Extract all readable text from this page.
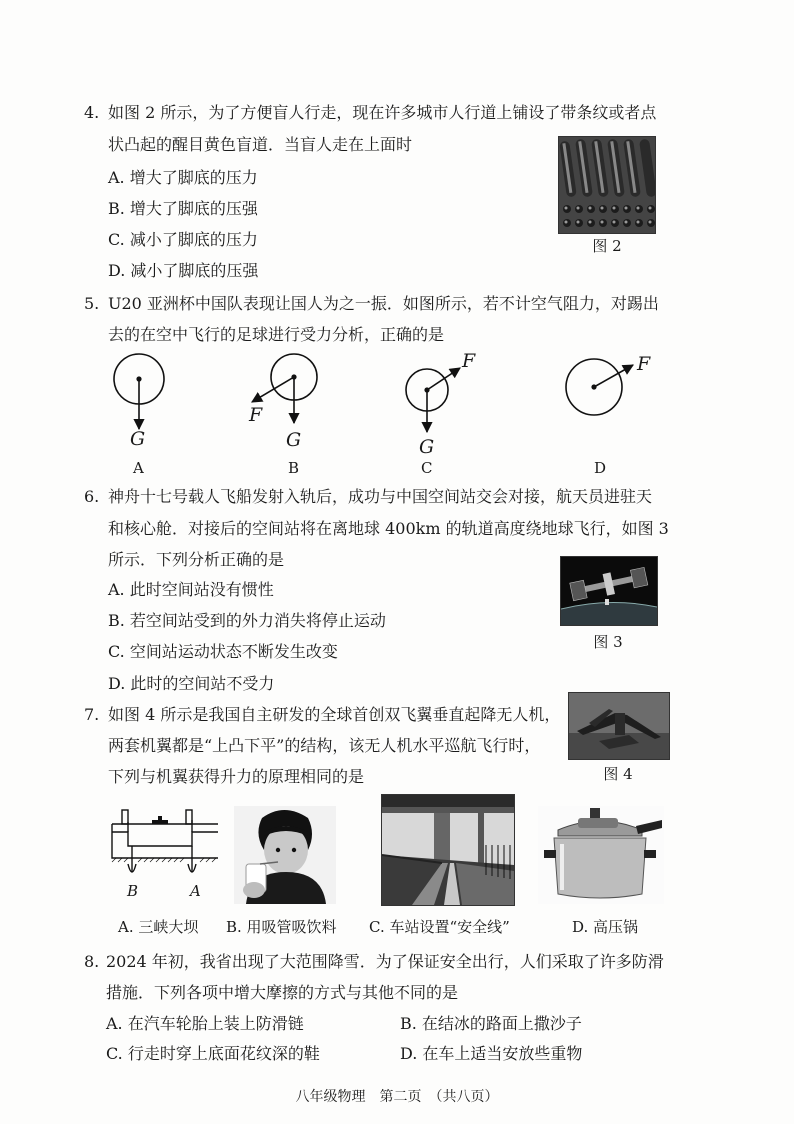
4. 如图 2 所示，为了方便盲人行走，现在许多城市人行道上铺设了带条纹或者点
状凸起的醒目黄色盲道．当盲人走在上面时
A. 增大了脚底的压力
B. 增大了脚底的压强
C. 减小了脚底的压力
D. 减小了脚底的压强
图 2
5. U20 亚洲杯中国队表现让国人为之一振．如图所示，若不计空气阻力，对踢出
去的在空中飞行的足球进行受力分析，正确的是
G
F
G
F
G
F
A	B	C	D
6. 神舟十七号载人飞船发射入轨后，成功与中国空间站交会对接，航天员进驻天
和核心舱．对接后的空间站将在离地球 400km 的轨道高度绕地球飞行，如图 3
所示．下列分析正确的是
A. 此时空间站没有惯性
B. 若空间站受到的外力消失将停止运动
C. 空间站运动状态不断发生改变
D. 此时的空间站不受力
图 3
7. 如图 4 所示是我国自主研发的全球首创双飞翼垂直起降无人机，
两套机翼都是“上凸下平”的结构，该无人机水平巡航飞行时，
下列与机翼获得升力的原理相同的是	图 4
B	A
A. 三峡大坝 B. 用吸管吸饮料 C. 车站设置“安全线”	D. 高压锅
8. 2024 年初，我省出现了大范围降雪．为了保证安全出行，人们采取了许多防滑
措施．下列各项中增大摩擦的方式与其他不同的是
A. 在汽车轮胎上装上防滑链	B. 在结冰的路面上撒沙子
C. 行走时穿上底面花纹深的鞋	D. 在车上适当安放些重物
八年级物理　第二页　（共八页）
